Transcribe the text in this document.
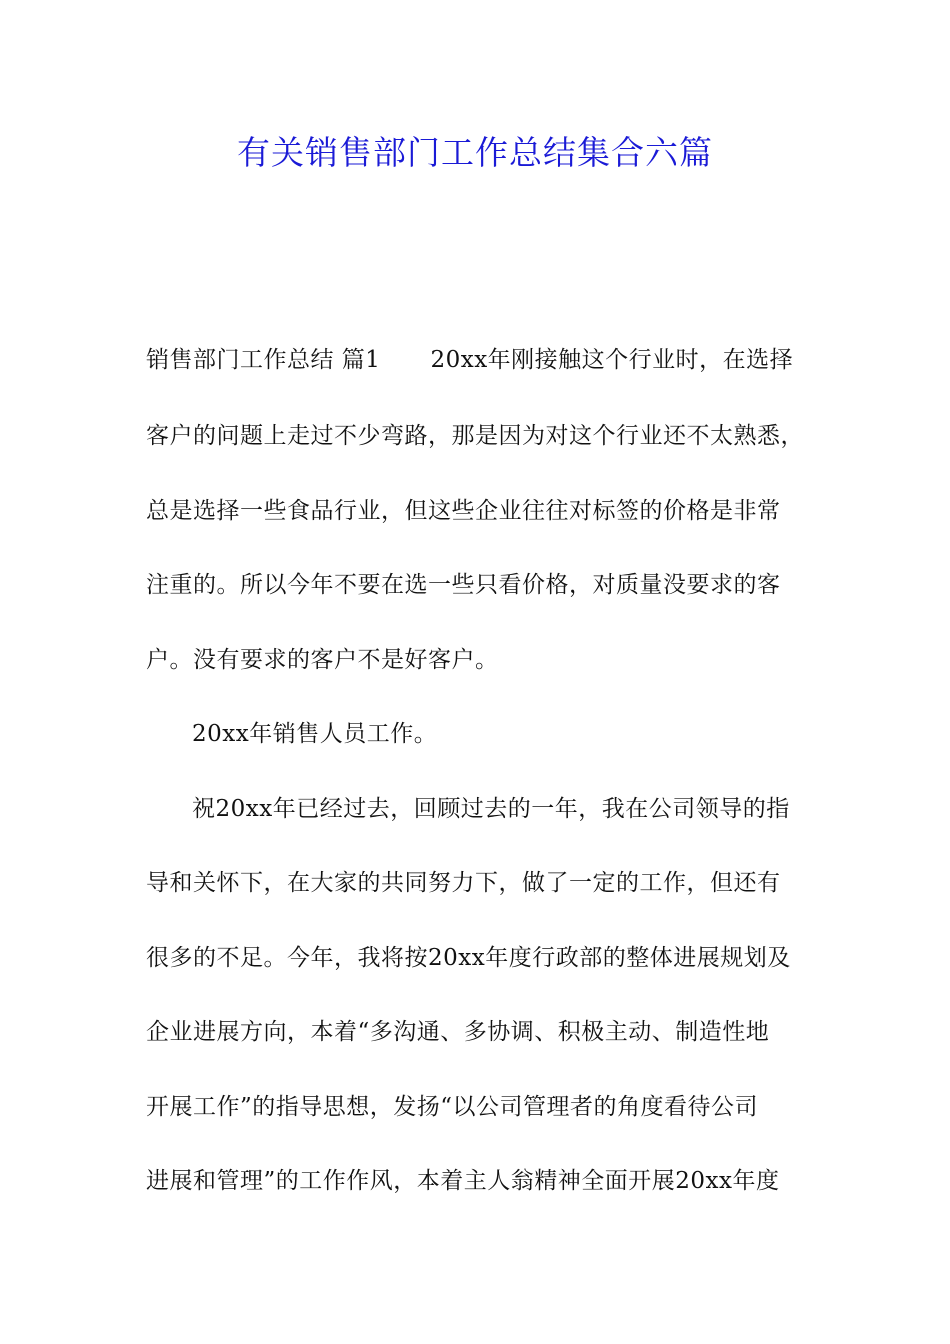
有关销售部门工作总结集合六篇
销售部门工作总结 篇1 20xx年刚接触这个行业时，在选择
客户的问题上走过不少弯路，那是因为对这个行业还不太熟悉，
总是选择一些食品行业，但这些企业往往对标签的价格是非常
注重的。所以今年不要在选一些只看价格，对质量没要求的客
户。没有要求的客户不是好客户。
20xx年销售人员工作。
祝20xx年已经过去，回顾过去的一年，我在公司领导的指
导和关怀下，在大家的共同努力下，做了一定的工作，但还有
很多的不足。今年，我将按20xx年度行政部的整体进展规划及
企业进展方向，本着“多沟通、多协调、积极主动、制造性地
开展工作”的指导思想，发扬“以公司管理者的角度看待公司
进展和管理”的工作作风，本着主人翁精神全面开展20xx年度
